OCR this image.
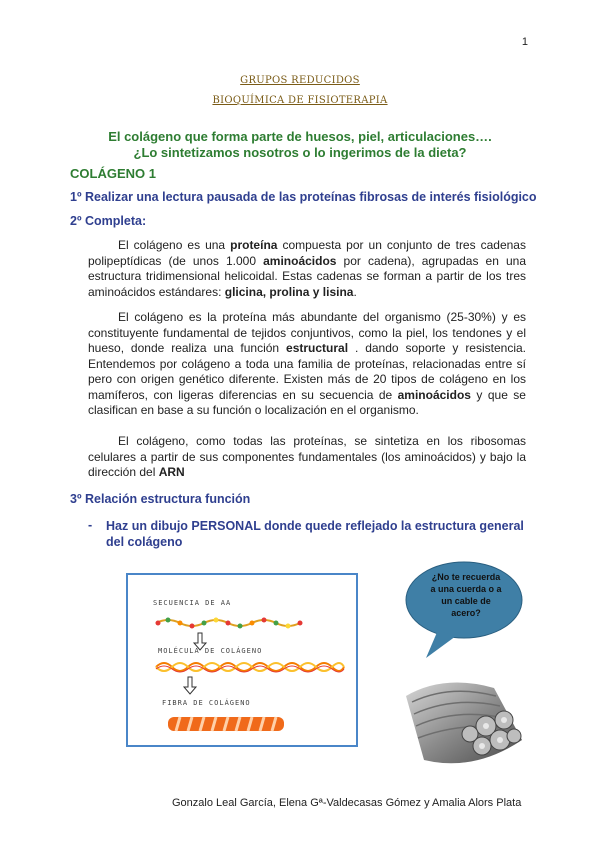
1
GRUPOS REDUCIDOS
BIOQUÍMICA DE FISIOTERAPIA
El colágeno que forma parte de huesos, piel, articulaciones….
¿Lo sintetizamos nosotros o lo ingerimos de la dieta?
COLÁGENO 1
1º Realizar una lectura pausada de las proteínas fibrosas de interés fisiológico
2º Completa:
El colágeno es una proteína compuesta por un conjunto de tres cadenas polipeptídicas (de unos 1.000 aminoácidos por cadena), agrupadas en una estructura tridimensional helicoidal. Estas cadenas se forman a partir de los tres aminoácidos estándares: glicina, prolina y lisina.
El colágeno es la proteína más abundante del organismo (25-30%) y es constituyente fundamental de tejidos conjuntivos, como la piel, los tendones y el hueso, donde realiza una función estructural . dando soporte y resistencia. Entendemos por colágeno a toda una familia de proteínas, relacionadas entre sí pero con origen genético diferente. Existen más de 20 tipos de colágeno en los mamíferos, con ligeras diferencias en su secuencia de aminoácidos y que se clasifican en base a su función o localización en el organismo.
El colágeno, como todas las proteínas, se sintetiza en los ribosomas celulares a partir de sus componentes fundamentales (los aminoácidos) y bajo la dirección del ARN
3º Relación estructura función
- Haz un dibujo PERSONAL donde quede reflejado la estructura general del colágeno
SECUENCIA DE AA
MOLÉCULA DE COLÁGENO
FIBRA DE COLÁGENO
¿No te recuerda
a una cuerda o a
un cable de
acero?
Gonzalo Leal García, Elena Gª-Valdecasas Gómez y Amalia Alors Plata
